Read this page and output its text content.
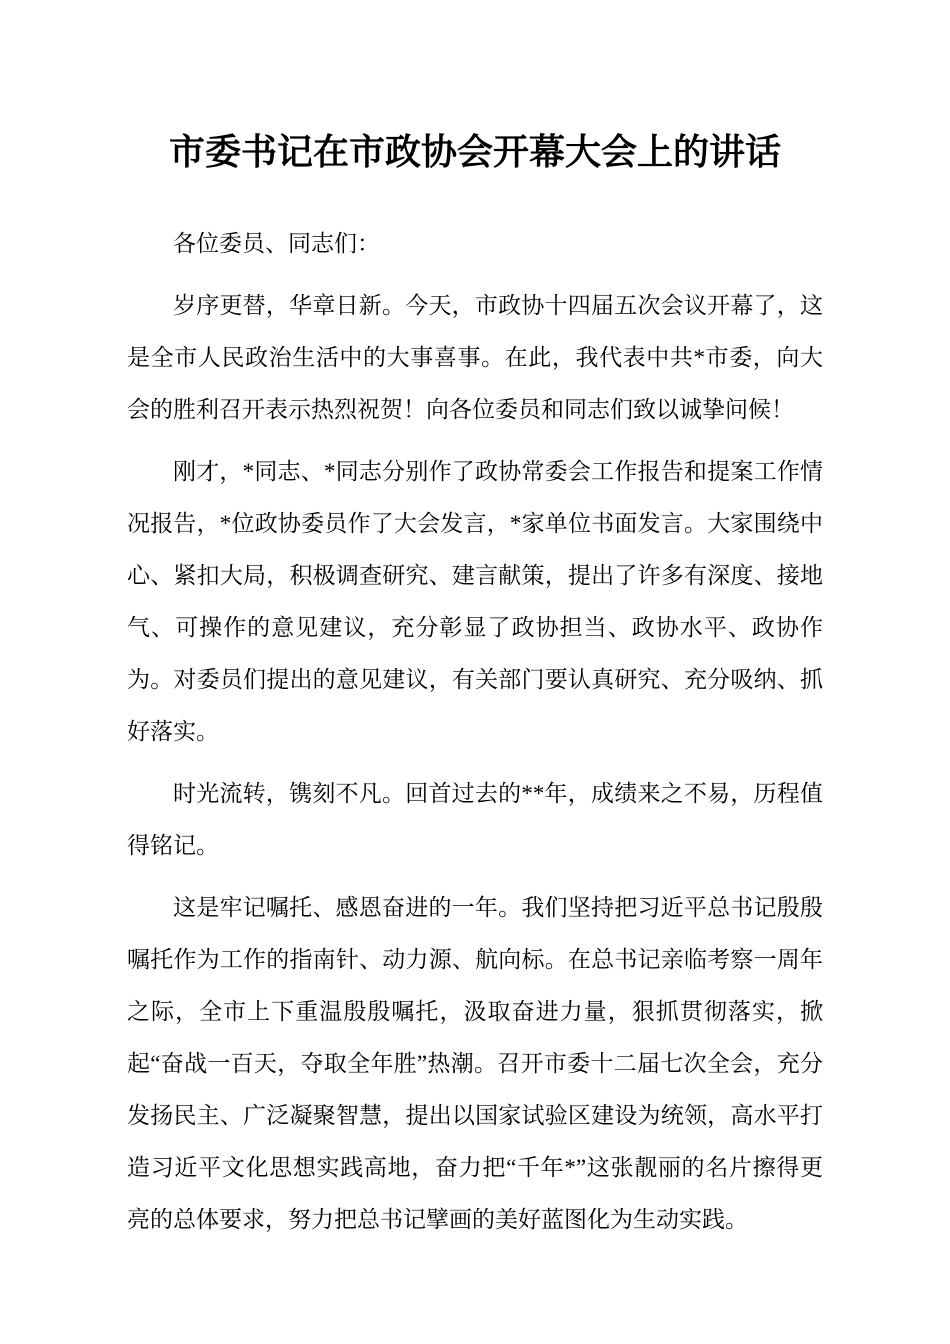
市委书记在市政协会开幕大会上的讲话

各位委员、同志们：

岁序更替，华章日新。今天，市政协十四届五次会议开幕了，这是全市人民政治生活中的大事喜事。在此，我代表中共*市委，向大会的胜利召开表示热烈祝贺！向各位委员和同志们致以诚挚问候！

刚才，*同志、*同志分别作了政协常委会工作报告和提案工作情况报告，*位政协委员作了大会发言，*家单位书面发言。大家围绕中心、紧扣大局，积极调查研究、建言献策，提出了许多有深度、接地气、可操作的意见建议，充分彰显了政协担当、政协水平、政协作为。对委员们提出的意见建议，有关部门要认真研究、充分吸纳、抓好落实。

时光流转，镌刻不凡。回首过去的**年，成绩来之不易，历程值得铭记。

这是牢记嘱托、感恩奋进的一年。我们坚持把习近平总书记殷殷嘱托作为工作的指南针、动力源、航向标。在总书记亲临考察一周年之际，全市上下重温殷殷嘱托，汲取奋进力量，狠抓贯彻落实，掀起“奋战一百天，夺取全年胜”热潮。召开市委十二届七次全会，充分发扬民主、广泛凝聚智慧，提出以国家试验区建设为统领，高水平打造习近平文化思想实践高地，奋力把“千年*”这张靓丽的名片擦得更亮的总体要求，努力把总书记擘画的美好蓝图化为生动实践。
